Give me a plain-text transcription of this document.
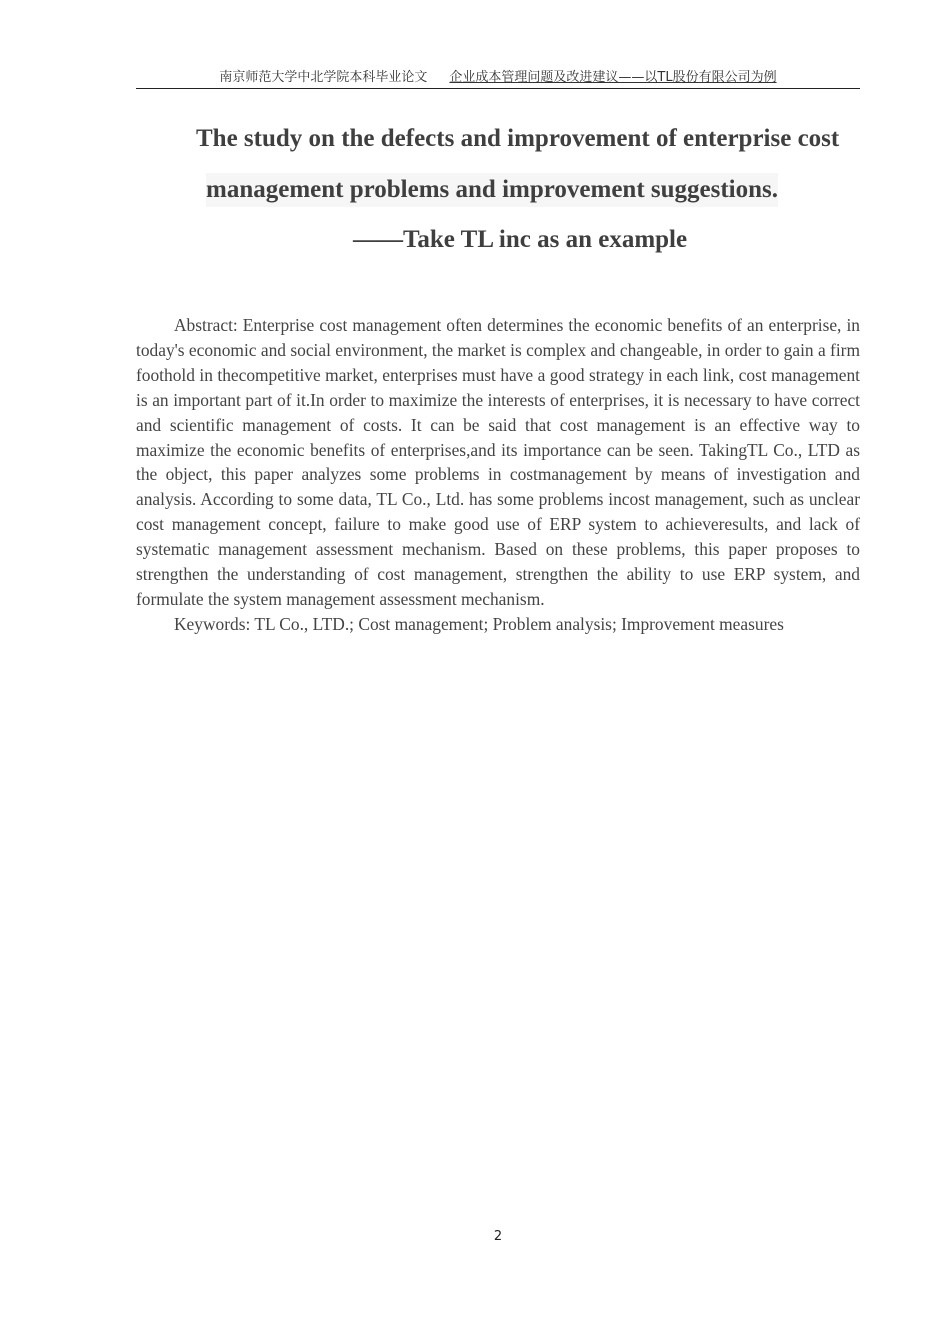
南京师范大学中北学院本科毕业论文 企业成本管理问题及改进建议——以TL股份有限公司为例
The study on the defects and improvement of enterprise cost
management problems and improvement suggestions.
——Take TL inc as an example

Abstract: Enterprise cost management often determines the economic benefits of an enterprise, in today's economic and social environment, the market is complex and changeable, in order to gain a firm foothold in thecompetitive market, enterprises must have a good strategy in each link, cost management is an important part of it.In order to maximize the interests of enterprises, it is necessary to have correct and scientific management of costs. It can be said that cost management is an effective way to maximize the economic benefits of enterprises,and its importance can be seen. TakingTL Co., LTD as the object, this paper analyzes some problems in costmanagement by means of investigation and analysis. According to some data, TL Co., Ltd. has some problems incost management, such as unclear cost management concept, failure to make good use of ERP system to achieveresults, and lack of systematic management assessment mechanism. Based on these problems, this paper proposes to strengthen the understanding of cost management, strengthen the ability to use ERP system, and formulate the system management assessment mechanism.

Keywords: TL Co., LTD.; Cost management; Problem analysis; Improvement measures

2
